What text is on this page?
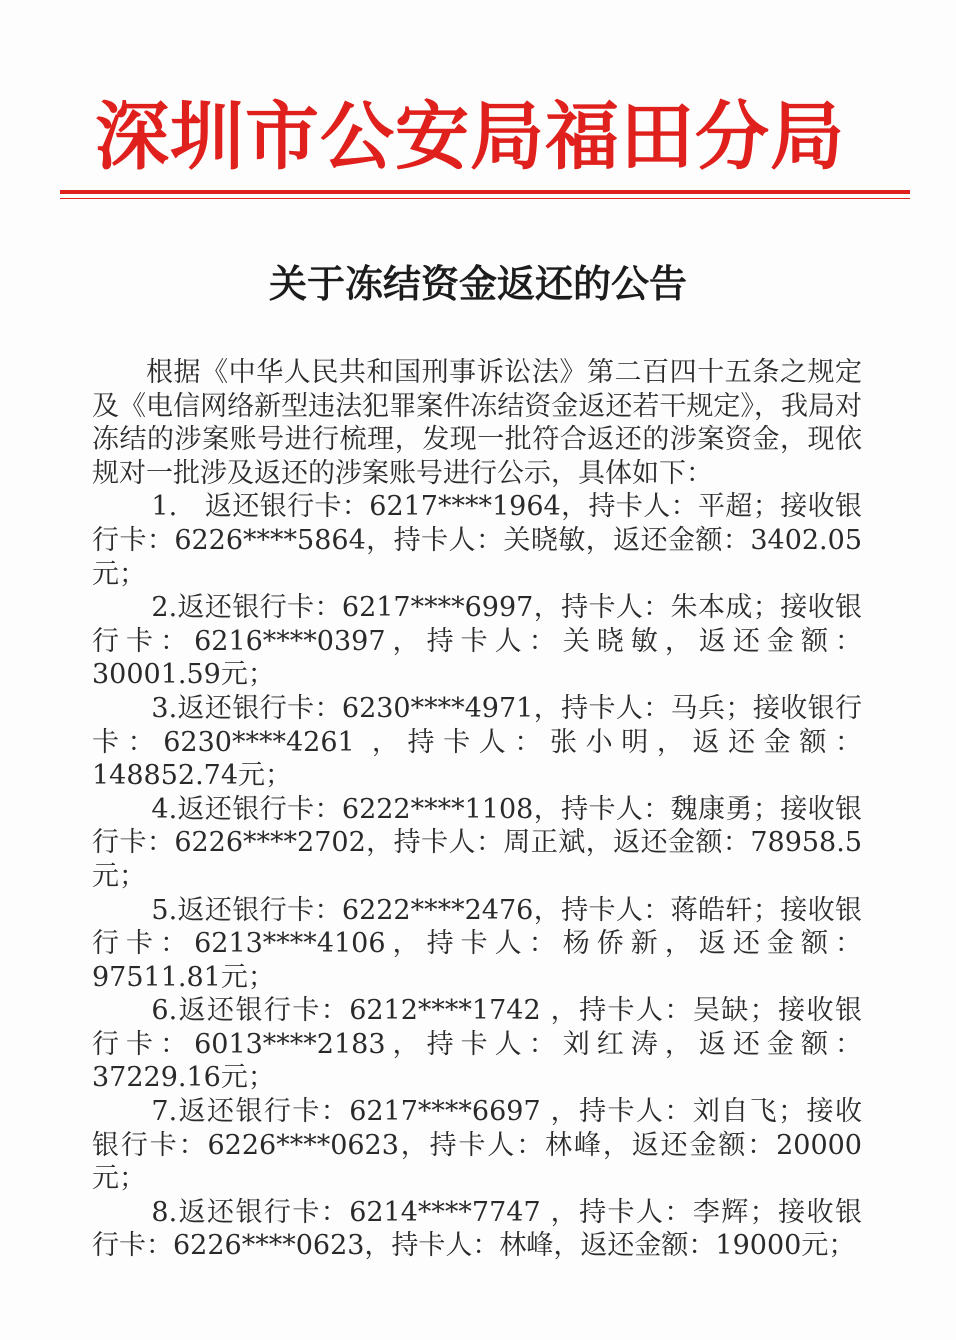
深圳市公安局福田分局
关于冻结资金返还的公告

根据《中华人民共和国刑事诉讼法》第二百四十五条之规定及《电信网络新型违法犯罪案件冻结资金返还若干规定》，我局对冻结的涉案账号进行梳理，发现一批符合返还的涉案资金，现依规对一批涉及返还的涉案账号进行公示，具体如下：

1.　返还银行卡：6217****1964，持卡人：平超；接收银行卡：6226****5864，持卡人：关晓敏，返还金额：3402.05元；

2.返还银行卡：6217****6997，持卡人：朱本成；接收银行卡：6216****0397，持卡人：关晓敏，返还金额：30001.59元；

3.返还银行卡：6230****4971，持卡人：马兵；接收银行卡：6230****4261 ，持卡人：张小明，返还金额：148852.74元；

4.返还银行卡：6222****1108，持卡人：魏康勇；接收银行卡：6226****2702，持卡人：周正斌，返还金额：78958.5元；

5.返还银行卡：6222****2476，持卡人：蒋皓轩；接收银行卡：6213****4106，持卡人：杨侨新，返还金额：97511.81元；

6.返还银行卡：6212****1742 ，持卡人：吴缺；接收银行卡：6013****2183，持卡人：刘红涛，返还金额：37229.16元；

7.返还银行卡：6217****6697 ，持卡人：刘自飞；接收银行卡：6226****0623，持卡人：林峰，返还金额：20000元；

8.返还银行卡：6214****7747 ，持卡人：李辉；接收银行卡：6226****0623，持卡人：林峰，返还金额：19000元；
